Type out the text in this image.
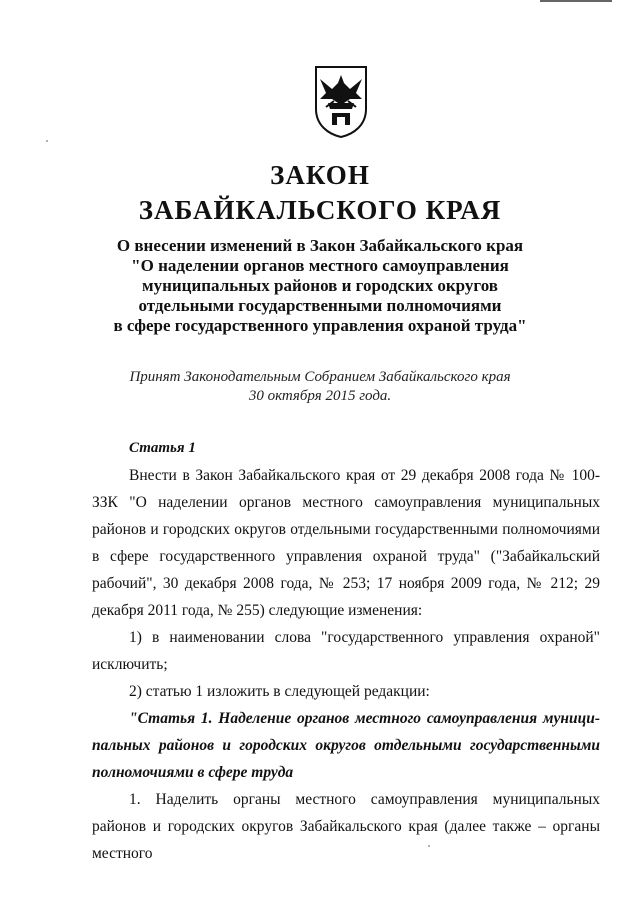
ЗАКОН
ЗАБАЙКАЛЬСКОГО КРАЯ
О внесении изменений в Закон Забайкальского края
"О наделении органов местного самоуправления
муниципальных районов и городских округов
отдельными государственными полномочиями
в сфере государственного управления охраной труда"
Принят Законодательным Собранием Забайкальского края
30 октября 2015 года.
Статья 1

Внести в Закон Забайкальского края от 29 декабря 2008 года № 100-ЗЗК "О наделении органов местного самоуправления муниципальных районов и городских округов отдельными государственными полномочиями в сфере государственного управления охраной труда" ("Забайкальский рабочий", 30 декабря 2008 года, № 253; 17 ноября 2009 года, № 212; 29 декабря 2011 года, № 255) следующие изменения:

1) в наименовании слова "государственного управления охраной" исключить;

2) статью 1 изложить в следующей редакции:

"Статья 1. Наделение органов местного самоуправления муници-пальных районов и городских округов отдельными государственными полномочиями в сфере труда

1. Наделить органы местного самоуправления муниципальных районов и городских округов Забайкальского края (далее также – органы местного
